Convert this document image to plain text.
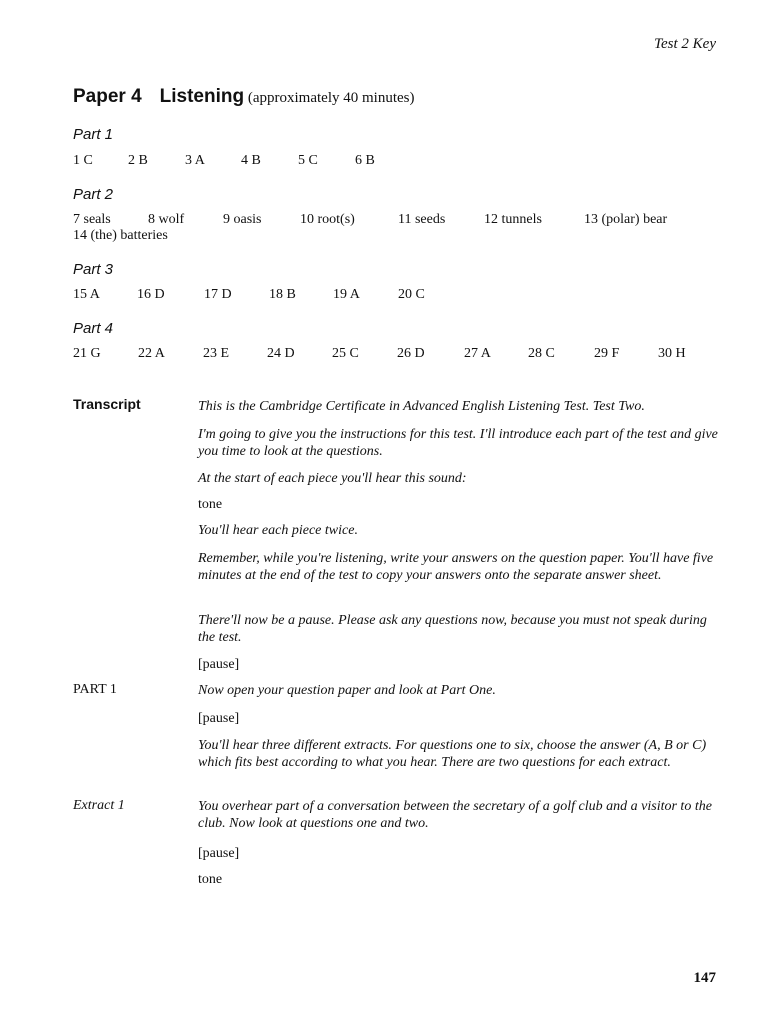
Test 2 Key
Paper 4 Listening (approximately 40 minutes)
Part 1
1 C	2 B	3 A	4 B	5 C	6 B
Part 2
7 seals	8 wolf	9 oasis	10 root(s)	11 seeds	12 tunnels	13 (polar) bear
14 (the) batteries
Part 3
15 A	16 D	17 D	18 B	19 A	20 C
Part 4
21 G	22 A	23 E	24 D	25 C	26 D	27 A	28 C	29 F	30 H
Transcript
PART 1
Extract 1
This is the Cambridge Certificate in Advanced English Listening Test. Test Two.
I'm going to give you the instructions for this test. I'll introduce each part of the test and give you time to look at the questions.
At the start of each piece you'll hear this sound:
tone
You'll hear each piece twice.
Remember, while you're listening, write your answers on the question paper. You'll have five minutes at the end of the test to copy your answers onto the separate answer sheet.
There'll now be a pause. Please ask any questions now, because you must not speak during the test.
[pause]
Now open your question paper and look at Part One.
[pause]
You'll hear three different extracts. For questions one to six, choose the answer (A, B or C) which fits best according to what you hear. There are two questions for each extract.
You overhear part of a conversation between the secretary of a golf club and a visitor to the club. Now look at questions one and two.
[pause]
tone
147
